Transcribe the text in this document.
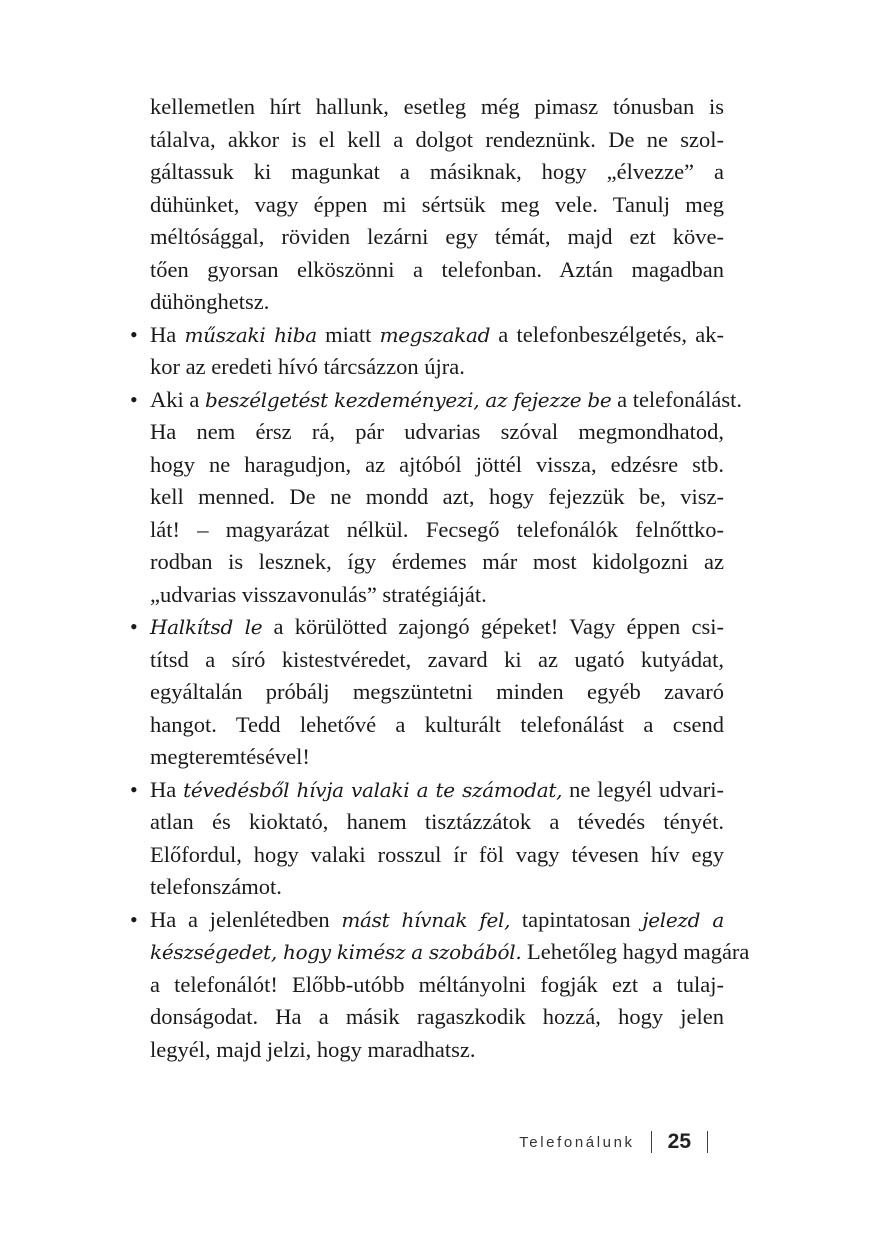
kellemetlen hírt hallunk, esetleg még pimasz tónusban is
tálalva, akkor is el kell a dolgot rendeznünk. De ne szol-
gáltassuk ki magunkat a másiknak, hogy „élvezze” a
dühünket, vagy éppen mi sértsük meg vele. Tanulj meg
méltósággal, röviden lezárni egy témát, majd ezt köve-
tően gyorsan elköszönni a telefonban. Aztán magadban
dühönghetsz.
• Ha műszaki hiba miatt megszakad a telefonbeszélgetés, ak-
kor az eredeti hívó tárcsázzon újra.
• Aki a beszélgetést kezdeményezi, az fejezze be a telefonálást.
Ha nem érsz rá, pár udvarias szóval megmondhatod,
hogy ne haragudjon, az ajtóból jöttél vissza, edzésre stb.
kell menned. De ne mondd azt, hogy fejezzük be, visz-
lát! – magyarázat nélkül. Fecsegő telefonálók felnőttko-
rodban is lesznek, így érdemes már most kidolgozni az
„udvarias visszavonulás” stratégiáját.
• Halkítsd le a körülötted zajongó gépeket! Vagy éppen csi-
títsd a síró kistestvéredet, zavard ki az ugató kutyádat,
egyáltalán próbálj megszüntetni minden egyéb zavaró
hangot. Tedd lehetővé a kulturált telefonálást a csend
megteremtésével!
• Ha tévedésből hívja valaki a te számodat, ne legyél udvari-
atlan és kioktató, hanem tisztázzátok a tévedés tényét.
Előfordul, hogy valaki rosszul ír föl vagy tévesen hív egy
telefonszámot.
• Ha a jelenlétedben mást hívnak fel, tapintatosan jelezd a
készségedet, hogy kimész a szobából. Lehetőleg hagyd magára
a telefonálót! Előbb-utóbb méltányolni fogják ezt a tulaj-
donságodat. Ha a másik ragaszkodik hozzá, hogy jelen
legyél, majd jelzi, hogy maradhatsz.
Telefonálunk 25
